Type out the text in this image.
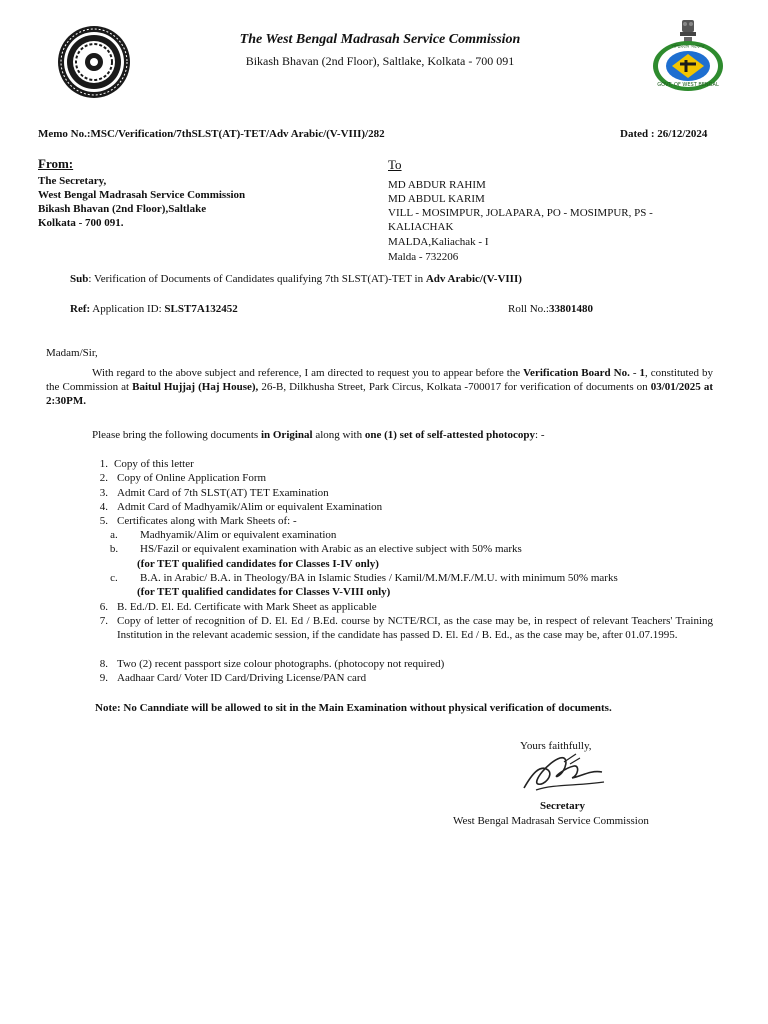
The West Bengal Madrasah Service Commission
Bikash Bhavan (2nd Floor), Saltlake, Kolkata - 700 091
পশ্চিমবঙ্গ সরকার
GOVT. OF WEST BENGAL
Memo No.:MSC/Verification/7thSLST(AT)-TET/Adv Arabic/(V-VIII)/282	Dated : 26/12/2024
From:
The Secretary,
West Bengal Madrasah Service Commission
Bikash Bhavan (2nd Floor),Saltlake
Kolkata - 700 091.
To
MD ABDUR RAHIM
MD ABDUL KARIM
VILL - MOSIMPUR, JOLAPARA, PO - MOSIMPUR, PS -
KALIACHAK
MALDA,Kaliachak - I
Malda - 732206
Sub: Verification of Documents of Candidates qualifying 7th SLST(AT)-TET in Adv Arabic/(V-VIII)
Ref: Application ID: SLST7A132452	Roll No.:33801480
Madam/Sir,
With regard to the above subject and reference, I am directed to request you to appear before the Verification Board No. - 1, constituted by the Commission at Baitul Hujjaj (Haj House), 26-B, Dilkhusha Street, Park Circus, Kolkata -700017 for verification of documents on 03/01/2025 at 2:30PM.
Please bring the following documents in Original along with one (1) set of self-attested photocopy: -
1. Copy of this letter
2. Copy of Online Application Form
3. Admit Card of 7th SLST(AT) TET Examination
4. Admit Card of Madhyamik/Alim or equivalent Examination
5. Certificates along with Mark Sheets of: -
a.	Madhyamik/Alim or equivalent examination
b.	HS/Fazil or equivalent examination with Arabic as an elective subject with 50% marks
(for TET qualified candidates for Classes I-IV only)
c.	B.A. in Arabic/ B.A. in Theology/BA in Islamic Studies / Kamil/M.M/M.F./M.U. with minimum 50% marks
(for TET qualified candidates for Classes V-VIII only)
6. B. Ed./D. El. Ed. Certificate with Mark Sheet as applicable
7. Copy of letter of recognition of D. El. Ed / B.Ed. course by NCTE/RCI, as the case may be, in respect of relevant Teachers' Training Institution in the relevant academic session, if the candidate has passed D. El. Ed / B. Ed., as the case may be, after 01.07.1995.
8. Two (2) recent passport size colour photographs. (photocopy not required)
9. Aadhaar Card/ Voter ID Card/Driving License/PAN card
Note: No Canndiate will be allowed to sit in the Main Examination without physical verification of documents.
Yours faithfully,
Secretary
West Bengal Madrasah Service Commission
